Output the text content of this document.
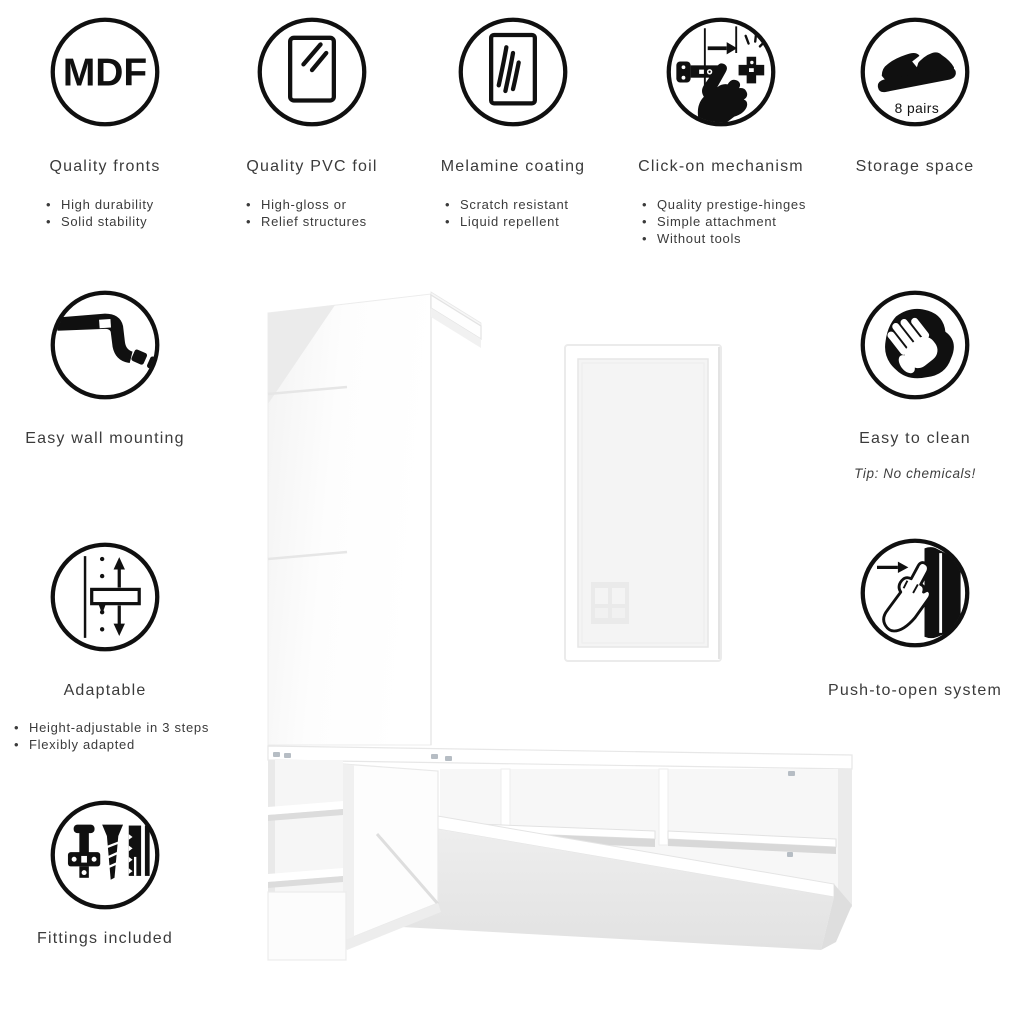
MDF
Quality fronts
• High durability
• Solid stability
Quality PVC foil
• High-gloss or
• Relief structures
Melamine coating
• Scratch resistant
• Liquid repellent
Click-on mechanism
• Quality prestige-hinges
• Simple attachment
• Without tools
8 pairs
Storage space
Easy wall mounting
Adaptable
• Height-adjustable in 3 steps
• Flexibly adapted
Fittings included
Easy to clean
Tip: No chemicals!
Push-to-open system
